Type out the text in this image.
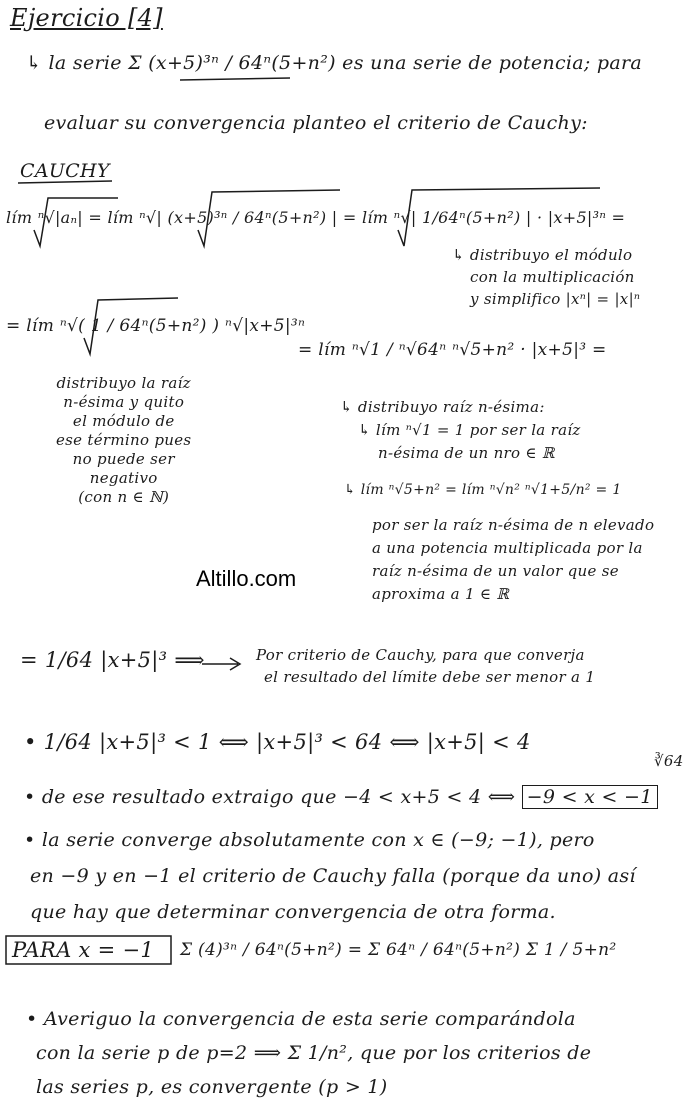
Ejercicio [4]
↳ la serie Σ (x+5)³ⁿ / 64ⁿ(5+n²) es una serie de potencia; para
evaluar su convergencia planteo el criterio de Cauchy:
CAUCHY
lím ⁿ√|aₙ| = lím ⁿ√| (x+5)³ⁿ / 64ⁿ(5+n²) | = lím ⁿ√| 1/64ⁿ(5+n²) | · |x+5|³ⁿ =
↳ distribuyo el módulo
con la multiplicación
y simplifico |xⁿ| = |x|ⁿ
= lím ⁿ√( 1 / 64ⁿ(5+n²) ) ⁿ√|x+5|³ⁿ
= lím ⁿ√1 / ⁿ√64ⁿ ⁿ√5+n² · |x+5|³ =
distribuyo la raíz
n-ésima y quito
el módulo de
ese término pues
no puede ser
negativo
(con n ∈ ℕ)
↳ distribuyo raíz n-ésima:
↳ lím ⁿ√1 = 1 por ser la raíz
n-ésima de un nro ∈ ℝ
↳ lím ⁿ√5+n² = lím ⁿ√n² ⁿ√1+5/n² = 1
por ser la raíz n-ésima de n elevado
a una potencia multiplicada por la
raíz n-ésima de un valor que se
aproxima a 1 ∈ ℝ
Altillo.com
= 1/64 |x+5|³ ⟹	Por criterio de Cauchy, para que converja
el resultado del límite debe ser menor a 1
• 1/64 |x+5|³ < 1 ⟺ |x+5|³ < 64 ⟺ |x+5| < 4
∛64
• de ese resultado extraigo que −4 < x+5 < 4 ⟺ −9 < x < −1
• la serie converge absolutamente con x ∈ (−9; −1), pero
en −9 y en −1 el criterio de Cauchy falla (porque da uno) así
que hay que determinar convergencia de otra forma.
PARA x = −1 Σ (4)³ⁿ / 64ⁿ(5+n²) = Σ 64ⁿ / 64ⁿ(5+n²) Σ 1 / 5+n²
• Averiguo la convergencia de esta serie comparándola
con la serie p de p=2 ⟹ Σ 1/n², que por los criterios de
las series p, es convergente (p > 1)
